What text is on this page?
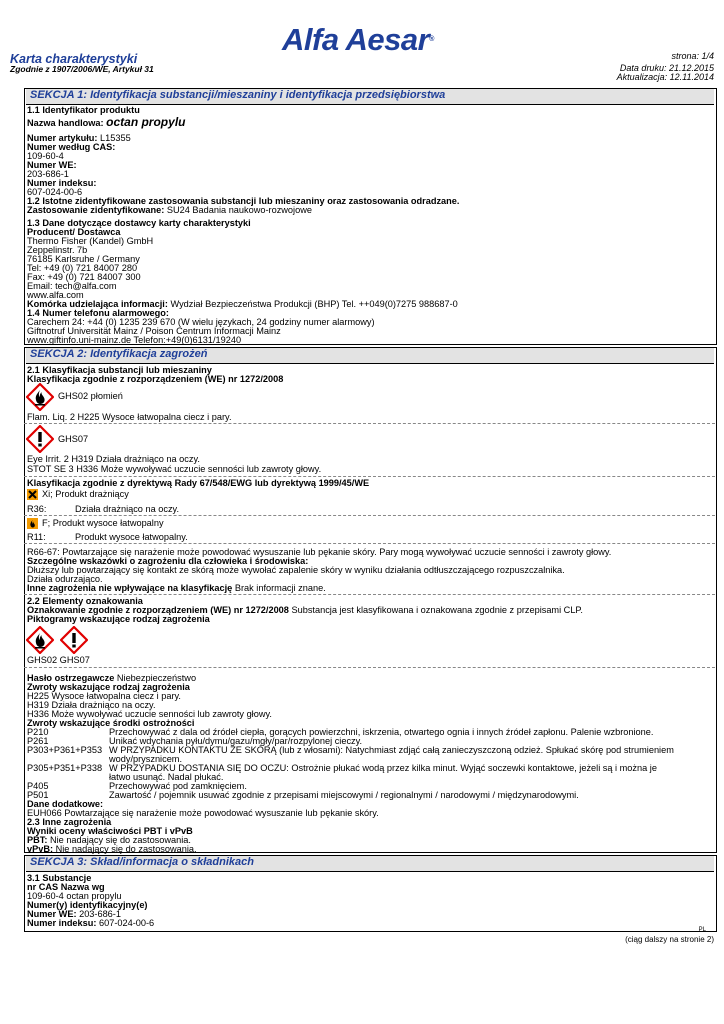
Alfa Aesar®
Karta charakterystyki
Zgodnie z 1907/2006/WE, Artykuł 31
strona: 1/4
Data druku: 21.12.2015
Aktualizacja: 12.11.2014
SEKCJA 1: Identyfikacja substancji/mieszaniny i identyfikacja przedsiębiorstwa
1.1 Identyfikator produktu
Nazwa handlowa: octan propylu
Numer artykułu: L15355
Numer według CAS:
109-60-4
Numer WE:
203-686-1
Numer indeksu:
607-024-00-6
1.2 Istotne zidentyfikowane zastosowania substancji lub mieszaniny oraz zastosowania odradzane.
Zastosowanie zidentyfikowane: SU24 Badania naukowo-rozwojowe
1.3 Dane dotyczące dostawcy karty charakterystyki
Producent/ Dostawca
Thermo Fisher (Kandel) GmbH
Zeppelinstr. 7b
76185 Karlsruhe / Germany
Tel: +49 (0) 721 84007 280
Fax: +49 (0) 721 84007 300
Email: tech@alfa.com
www.alfa.com
Komórka udzielająca informacji: Wydział Bezpieczeństwa Produkcji (BHP) Tel. ++049(0)7275 988687-0
1.4 Numer telefonu alarmowego:
Carechem 24: +44 (0) 1235 239 670 (W wielu językach, 24 godziny numer alarmowy)
Giftnotruf Universität Mainz / Poison Centrum Informacji Mainz
www.giftinfo.uni-mainz.de Telefon:+49(0)6131/19240
SEKCJA 2: Identyfikacja zagrożeń
2.1 Klasyfikacja substancji lub mieszaniny
Klasyfikacja zgodnie z rozporządzeniem (WE) nr 1272/2008
GHS02 płomień
Flam. Liq. 2 H225 Wysoce łatwopalna ciecz i pary.
GHS07
Eye Irrit. 2 H319 Działa drażniąco na oczy.
STOT SE 3 H336 Może wywoływać uczucie senności lub zawroty głowy.
Klasyfikacja zgodnie z dyrektywą Rady 67/548/EWG lub dyrektywą 1999/45/WE
Xi; Produkt drażniący
R36:	Działa drażniąco na oczy.
F; Produkt wysoce łatwopalny
R11:	Produkt wysoce łatwopalny.
R66-67: Powtarzające się narażenie może powodować wysuszanie lub pękanie skóry. Pary mogą wywoływać uczucie senności i zawroty głowy.
Szczególne wskazówki o zagrożeniu dla człowieka i środowiska:
Dłuższy lub powtarzający się kontakt ze skórą może wywołać zapalenie skóry w wyniku działania odtłuszczającego rozpuszczalnika.
Działa odurzająco.
Inne zagrożenia nie wpływające na klasyfikację Brak informacji znane.
2.2 Elementy oznakowania
Oznakowanie zgodnie z rozporządzeniem (WE) nr 1272/2008 Substancja jest klasyfikowana i oznakowana zgodnie z przepisami CLP.
Piktogramy wskazujące rodzaj zagrożenia
GHS02 GHS07
Hasło ostrzegawcze Niebezpieczeństwo
Zwroty wskazujące rodzaj zagrożenia
H225 Wysoce łatwopalna ciecz i pary.
H319 Działa drażniąco na oczy.
H336 Może wywoływać uczucie senności lub zawroty głowy.
Zwroty wskazujące środki ostrożności
P210	Przechowywać z dala od źródeł ciepła, gorących powierzchni, iskrzenia, otwartego ognia i innych źródeł zapłonu. Palenie wzbronione.
P261	Unikać wdychania pyłu/dymu/gazu/mgły/par/rozpylonej cieczy.
P303+P361+P353 W PRZYPADKU KONTAKTU ZE SKÓRĄ (lub z włosami): Natychmiast zdjąć całą zanieczyszczoną odzież. Spłukać skórę pod strumieniem
wody/prysznicem.
P305+P351+P338 W PRZYPADKU DOSTANIA SIĘ DO OCZU: Ostrożnie płukać wodą przez kilka minut. Wyjąć soczewki kontaktowe, jeżeli są i można je
łatwo usunąć. Nadal płukać.
P405	Przechowywać pod zamknięciem.
P501	Zawartość / pojemnik usuwać zgodnie z przepisami miejscowymi / regionalnymi / narodowymi / międzynarodowymi.
Dane dodatkowe:
EUH066 Powtarzające się narażenie może powodować wysuszanie lub pękanie skóry.
2.3 Inne zagrożenia
Wyniki oceny właściwości PBT i vPvB
PBT: Nie nadający się do zastosowania.
vPvB: Nie nadający się do zastosowania.
SEKCJA 3: Skład/informacja o składnikach
3.1 Substancje
nr CAS Nazwa wg
109-60-4 octan propylu
Numer(y) identyfikacyjny(e)
Numer WE: 203-686-1
Numer indeksu: 607-024-00-6
PL
(ciąg dalszy na stronie 2)
